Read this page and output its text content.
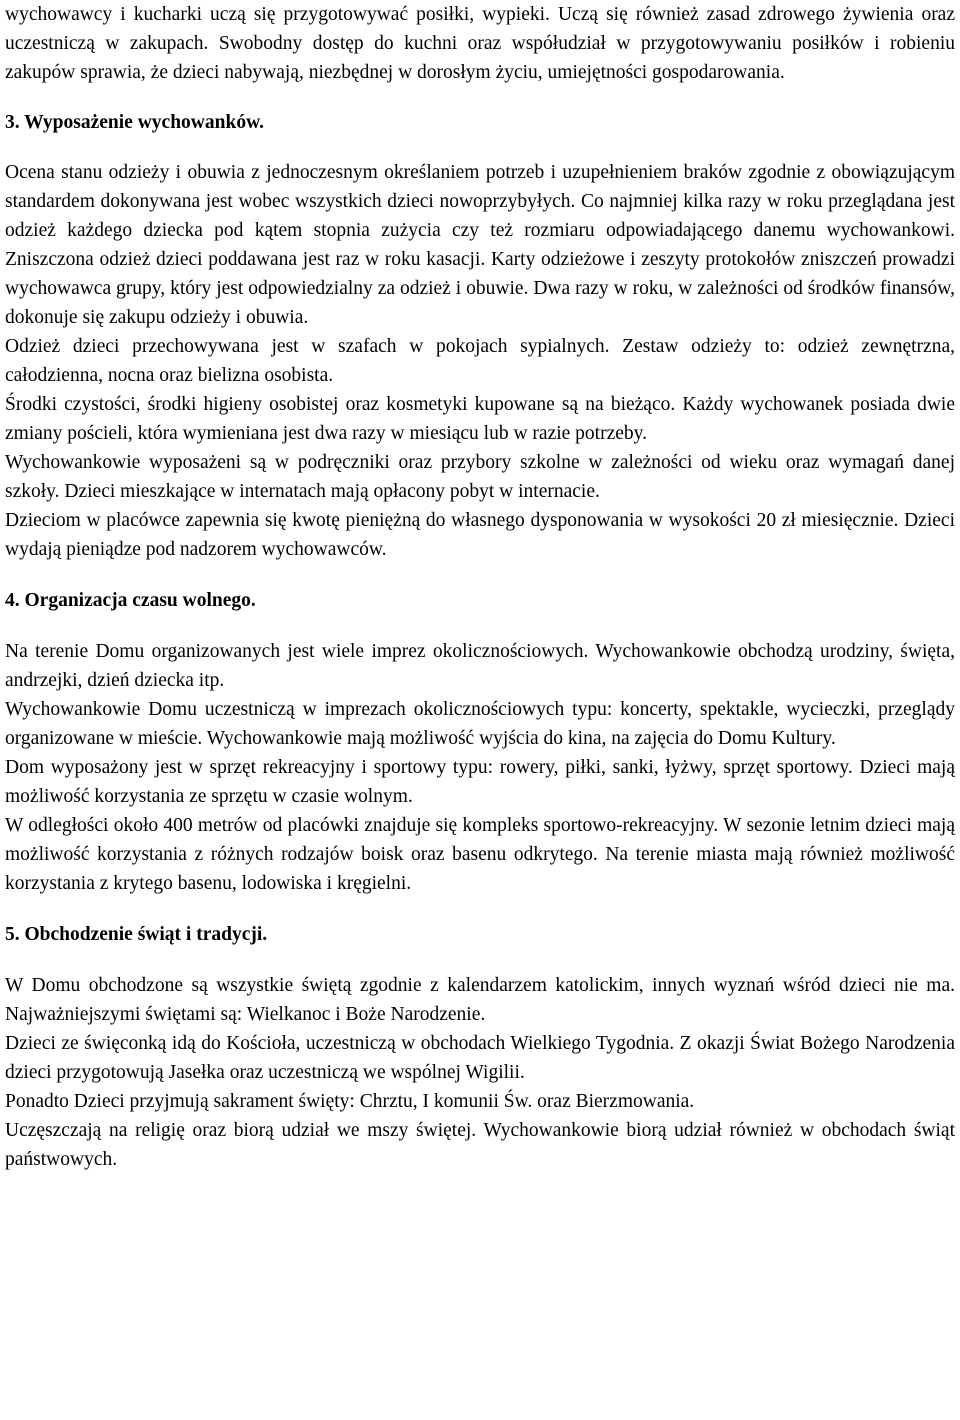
wychowawcy i kucharki uczą się przygotowywać posiłki, wypieki. Uczą się również zasad zdrowego żywienia oraz uczestniczą w zakupach. Swobodny dostęp do kuchni oraz współudział w przygotowywaniu posiłków i robieniu zakupów sprawia, że dzieci nabywają, niezbędnej w dorosłym życiu, umiejętności gospodarowania.

3. Wyposażenie wychowanków.

Ocena stanu odzieży i obuwia z jednoczesnym określaniem potrzeb i uzupełnieniem braków zgodnie z obowiązującym standardem dokonywana jest wobec wszystkich dzieci nowoprzybyłych. Co najmniej kilka razy w roku przeglądana jest odzież każdego dziecka pod kątem stopnia zużycia czy też rozmiaru odpowiadającego danemu wychowankowi. Zniszczona odzież dzieci poddawana jest raz w roku kasacji. Karty odzieżowe i zeszyty protokołów zniszczeń prowadzi wychowawca grupy, który jest odpowiedzialny za odzież i obuwie. Dwa razy w roku, w zależności od środków finansów, dokonuje się zakupu odzieży i obuwia.

Odzież dzieci przechowywana jest w szafach w pokojach sypialnych. Zestaw odzieży to: odzież zewnętrzna, całodzienna, nocna oraz bielizna osobista.

Środki czystości, środki higieny osobistej oraz kosmetyki kupowane są na bieżąco. Każdy wychowanek posiada dwie zmiany pościeli, która wymieniana jest dwa razy w miesiącu lub w razie potrzeby.

Wychowankowie wyposażeni są w podręczniki oraz przybory szkolne w zależności od wieku oraz wymagań danej szkoły. Dzieci mieszkające w internatach mają opłacony pobyt w internacie.

Dzieciom w placówce zapewnia się kwotę pieniężną do własnego dysponowania w wysokości 20 zł miesięcznie. Dzieci wydają pieniądze pod nadzorem wychowawców.

4. Organizacja czasu wolnego.

Na terenie Domu organizowanych jest wiele imprez okolicznościowych. Wychowankowie obchodzą urodziny, święta, andrzejki, dzień dziecka itp.

Wychowankowie Domu uczestniczą w imprezach okolicznościowych typu: koncerty, spektakle, wycieczki, przeglądy organizowane w mieście. Wychowankowie mają możliwość wyjścia do kina, na zajęcia do Domu Kultury.

Dom wyposażony jest w sprzęt rekreacyjny i sportowy typu: rowery, piłki, sanki, łyżwy, sprzęt sportowy. Dzieci mają możliwość korzystania ze sprzętu w czasie wolnym.

W odległości około 400 metrów od placówki znajduje się kompleks sportowo-rekreacyjny. W sezonie letnim dzieci mają możliwość korzystania z różnych rodzajów boisk oraz basenu odkrytego. Na terenie miasta mają również możliwość korzystania z krytego basenu, lodowiska i kręgielni.

5. Obchodzenie świąt i tradycji.

W Domu obchodzone są wszystkie świętą zgodnie z kalendarzem katolickim, innych wyznań wśród dzieci nie ma. Najważniejszymi świętami są: Wielkanoc i Boże Narodzenie.

Dzieci ze święconką idą do Kościoła, uczestniczą w obchodach Wielkiego Tygodnia. Z okazji Świat Bożego Narodzenia dzieci przygotowują Jasełka oraz uczestniczą we wspólnej Wigilii.

Ponadto Dzieci przyjmują sakrament święty: Chrztu, I komunii Św. oraz Bierzmowania.

Uczęszczają na religię oraz biorą udział we mszy świętej. Wychowankowie biorą udział również w obchodach świąt państwowych.
